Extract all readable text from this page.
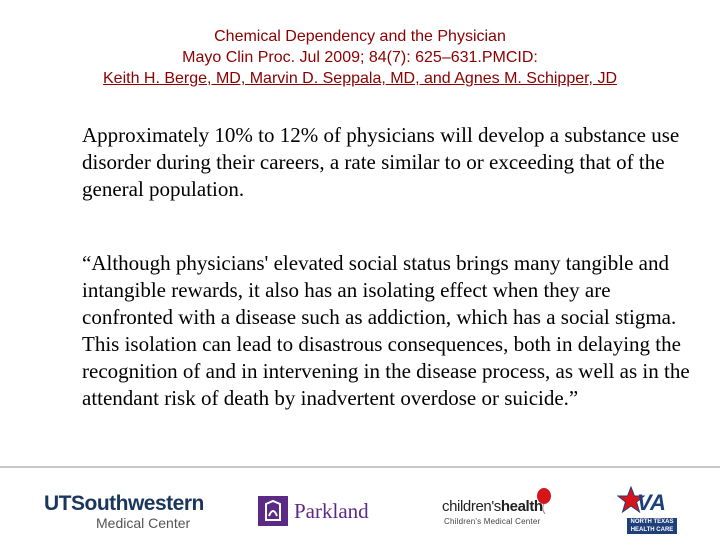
Chemical Dependency and the Physician
Mayo Clin Proc. Jul 2009; 84(7): 625–631.PMCID:
Keith H. Berge, MD, Marvin D. Seppala, MD, and Agnes M. Schipper, JD
Approximately 10% to 12% of physicians will develop a substance use disorder during their careers, a rate similar to or exceeding that of the general population.
“Although physicians' elevated social status brings many tangible and intangible rewards, it also has an isolating effect when they are confronted with a disease such as addiction, which has a social stigma. This isolation can lead to disastrous consequences, both in delaying the recognition of and in intervening in the disease process, as well as in the attendant risk of death by inadvertent overdose or suicide.”
UTSouthwestern
Medical Center	Parkland	children'shealth
Children's Medical Center
VA
NORTH TEXAS
HEALTH CARE SYSTEM
